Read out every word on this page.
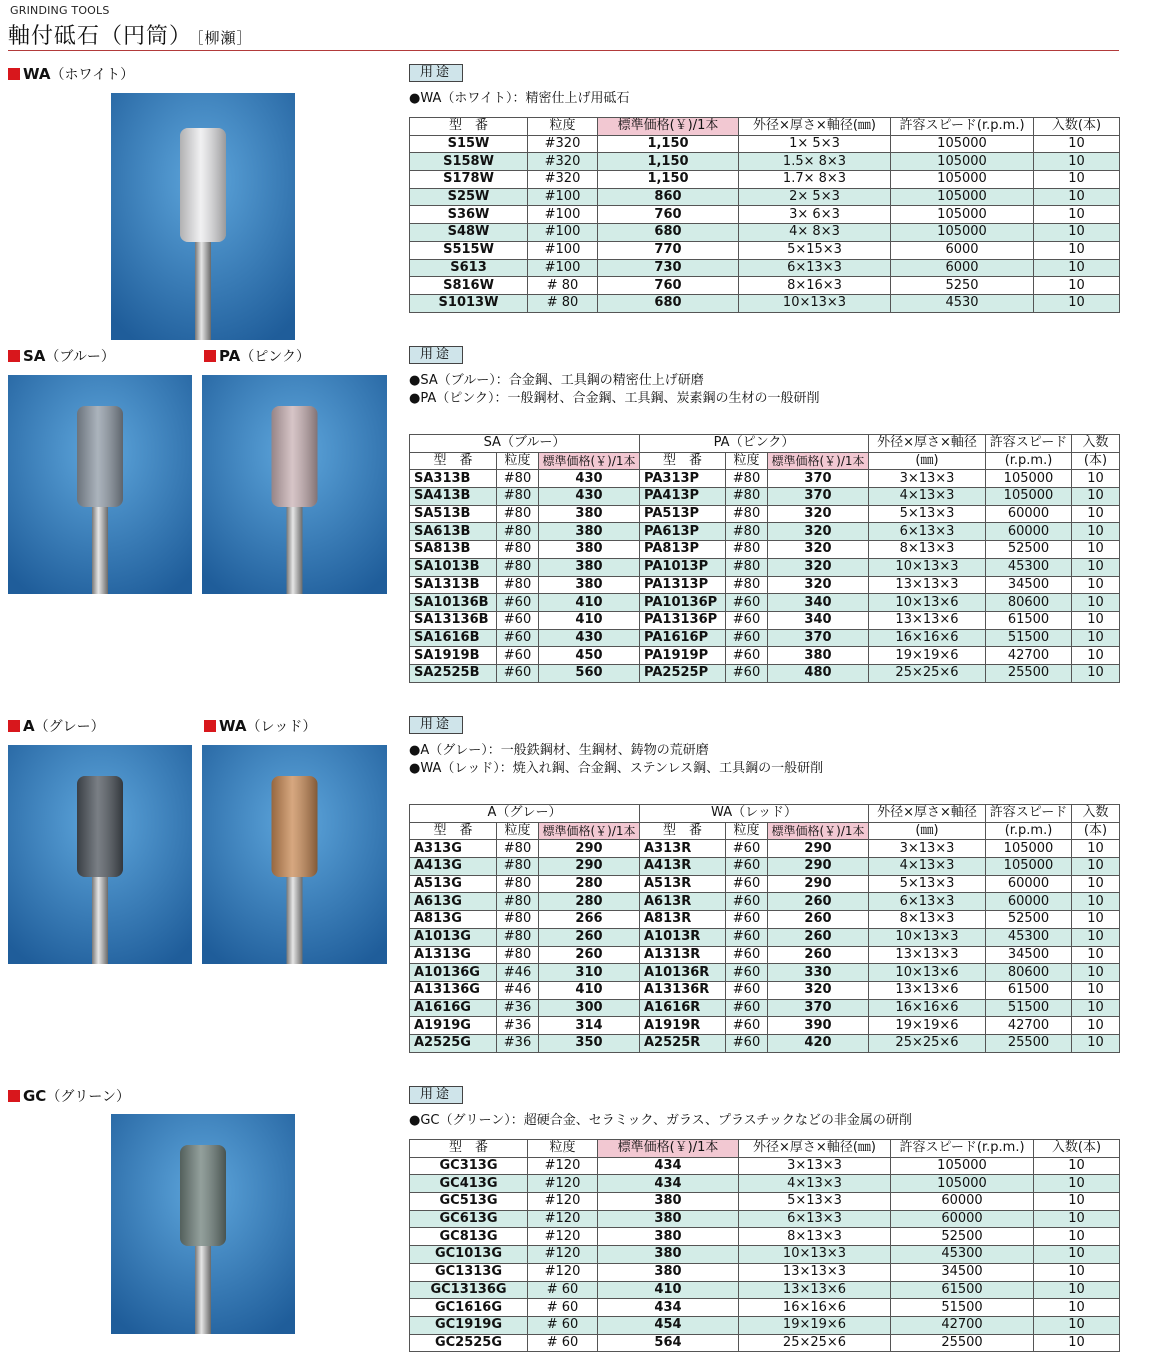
GRINDING TOOLS
軸付砥石（円筒） ［柳瀬］
WA（ホワイト）	用途
●WA（ホワイト）：精密仕上げ用砥石
型　番	粒度	標準価格(￥)/1本	外径×厚さ×軸径(㎜)	許容スピード(r.p.m.)	入数(本)
S15W	#320	1,150	1× 5×3	105000	10
S158W	#320	1,150	1.5× 8×3	105000	10
S178W	#320	1,150	1.7× 8×3	105000	10
S25W	#100	860	2× 5×3	105000	10
S36W	#100	760	3× 6×3	105000	10
S48W	#100	680	4× 8×3	105000	10
S515W	#100	770	5×15×3	6000	10
S613	#100	730	6×13×3	6000	10
S816W	# 80	760	8×16×3	5250	10
S1013W	# 80	680	10×13×3	4530	10
SA（ブルー）	PA（ピンク）	用途
●SA（ブルー）：合金鋼、工具鋼の精密仕上げ研磨
●PA（ピンク）：一般鋼材、合金鋼、工具鋼、炭素鋼の生材の一般研削
SA（ブルー）			PA（ピンク）			外径×厚さ×軸径	許容スピード	入数
型　番	粒度	標準価格(￥)/1本	型　番	粒度	標準価格(￥)/1本	(㎜)	(r.p.m.)	(本)
SA313B	#80	430	PA313P	#80	370	3×13×3	105000	10
SA413B	#80	430	PA413P	#80	370	4×13×3	105000	10
SA513B	#80	380	PA513P	#80	320	5×13×3	60000	10
SA613B	#80	380	PA613P	#80	320	6×13×3	60000	10
SA813B	#80	380	PA813P	#80	320	8×13×3	52500	10
SA1013B	#80	380	PA1013P	#80	320	10×13×3	45300	10
SA1313B	#80	380	PA1313P	#80	320	13×13×3	34500	10
SA10136B	#60	410	PA10136P	#60	340	10×13×6	80600	10
SA13136B	#60	410	PA13136P	#60	340	13×13×6	61500	10
SA1616B	#60	430	PA1616P	#60	370	16×16×6	51500	10
SA1919B	#60	450	PA1919P	#60	380	19×19×6	42700	10
SA2525B	#60	560	PA2525P	#60	480	25×25×6	25500	10
A（グレー）	WA（レッド）	用途
●A（グレー）：一般鉄鋼材、生鋼材、鋳物の荒研磨
●WA（レッド）：焼入れ鋼、合金鋼、ステンレス鋼、工具鋼の一般研削
A（グレー）			WA（レッド）			外径×厚さ×軸径	許容スピード	入数
型　番	粒度	標準価格(￥)/1本	型　番	粒度	標準価格(￥)/1本	(㎜)	(r.p.m.)	(本)
A313G	#80	290	A313R	#60	290	3×13×3	105000	10
A413G	#80	290	A413R	#60	290	4×13×3	105000	10
A513G	#80	280	A513R	#60	290	5×13×3	60000	10
A613G	#80	280	A613R	#60	260	6×13×3	60000	10
A813G	#80	266	A813R	#60	260	8×13×3	52500	10
A1013G	#80	260	A1013R	#60	260	10×13×3	45300	10
A1313G	#80	260	A1313R	#60	260	13×13×3	34500	10
A10136G	#46	310	A10136R	#60	330	10×13×6	80600	10
A13136G	#46	410	A13136R	#60	320	13×13×6	61500	10
A1616G	#36	300	A1616R	#60	370	16×16×6	51500	10
A1919G	#36	314	A1919R	#60	390	19×19×6	42700	10
A2525G	#36	350	A2525R	#60	420	25×25×6	25500	10
GC（グリーン）	用途
●GC（グリーン）：超硬合金、セラミック、ガラス、プラスチックなどの非金属の研削
型　番	粒度	標準価格(￥)/1本	外径×厚さ×軸径(㎜)	許容スピード(r.p.m.)	入数(本)
GC313G	#120	434	3×13×3	105000	10
GC413G	#120	434	4×13×3	105000	10
GC513G	#120	380	5×13×3	60000	10
GC613G	#120	380	6×13×3	60000	10
GC813G	#120	380	8×13×3	52500	10
GC1013G	#120	380	10×13×3	45300	10
GC1313G	#120	380	13×13×3	34500	10
GC13136G	# 60	410	13×13×6	61500	10
GC1616G	# 60	434	16×16×6	51500	10
GC1919G	# 60	454	19×19×6	42700	10
GC2525G	# 60	564	25×25×6	25500	10
